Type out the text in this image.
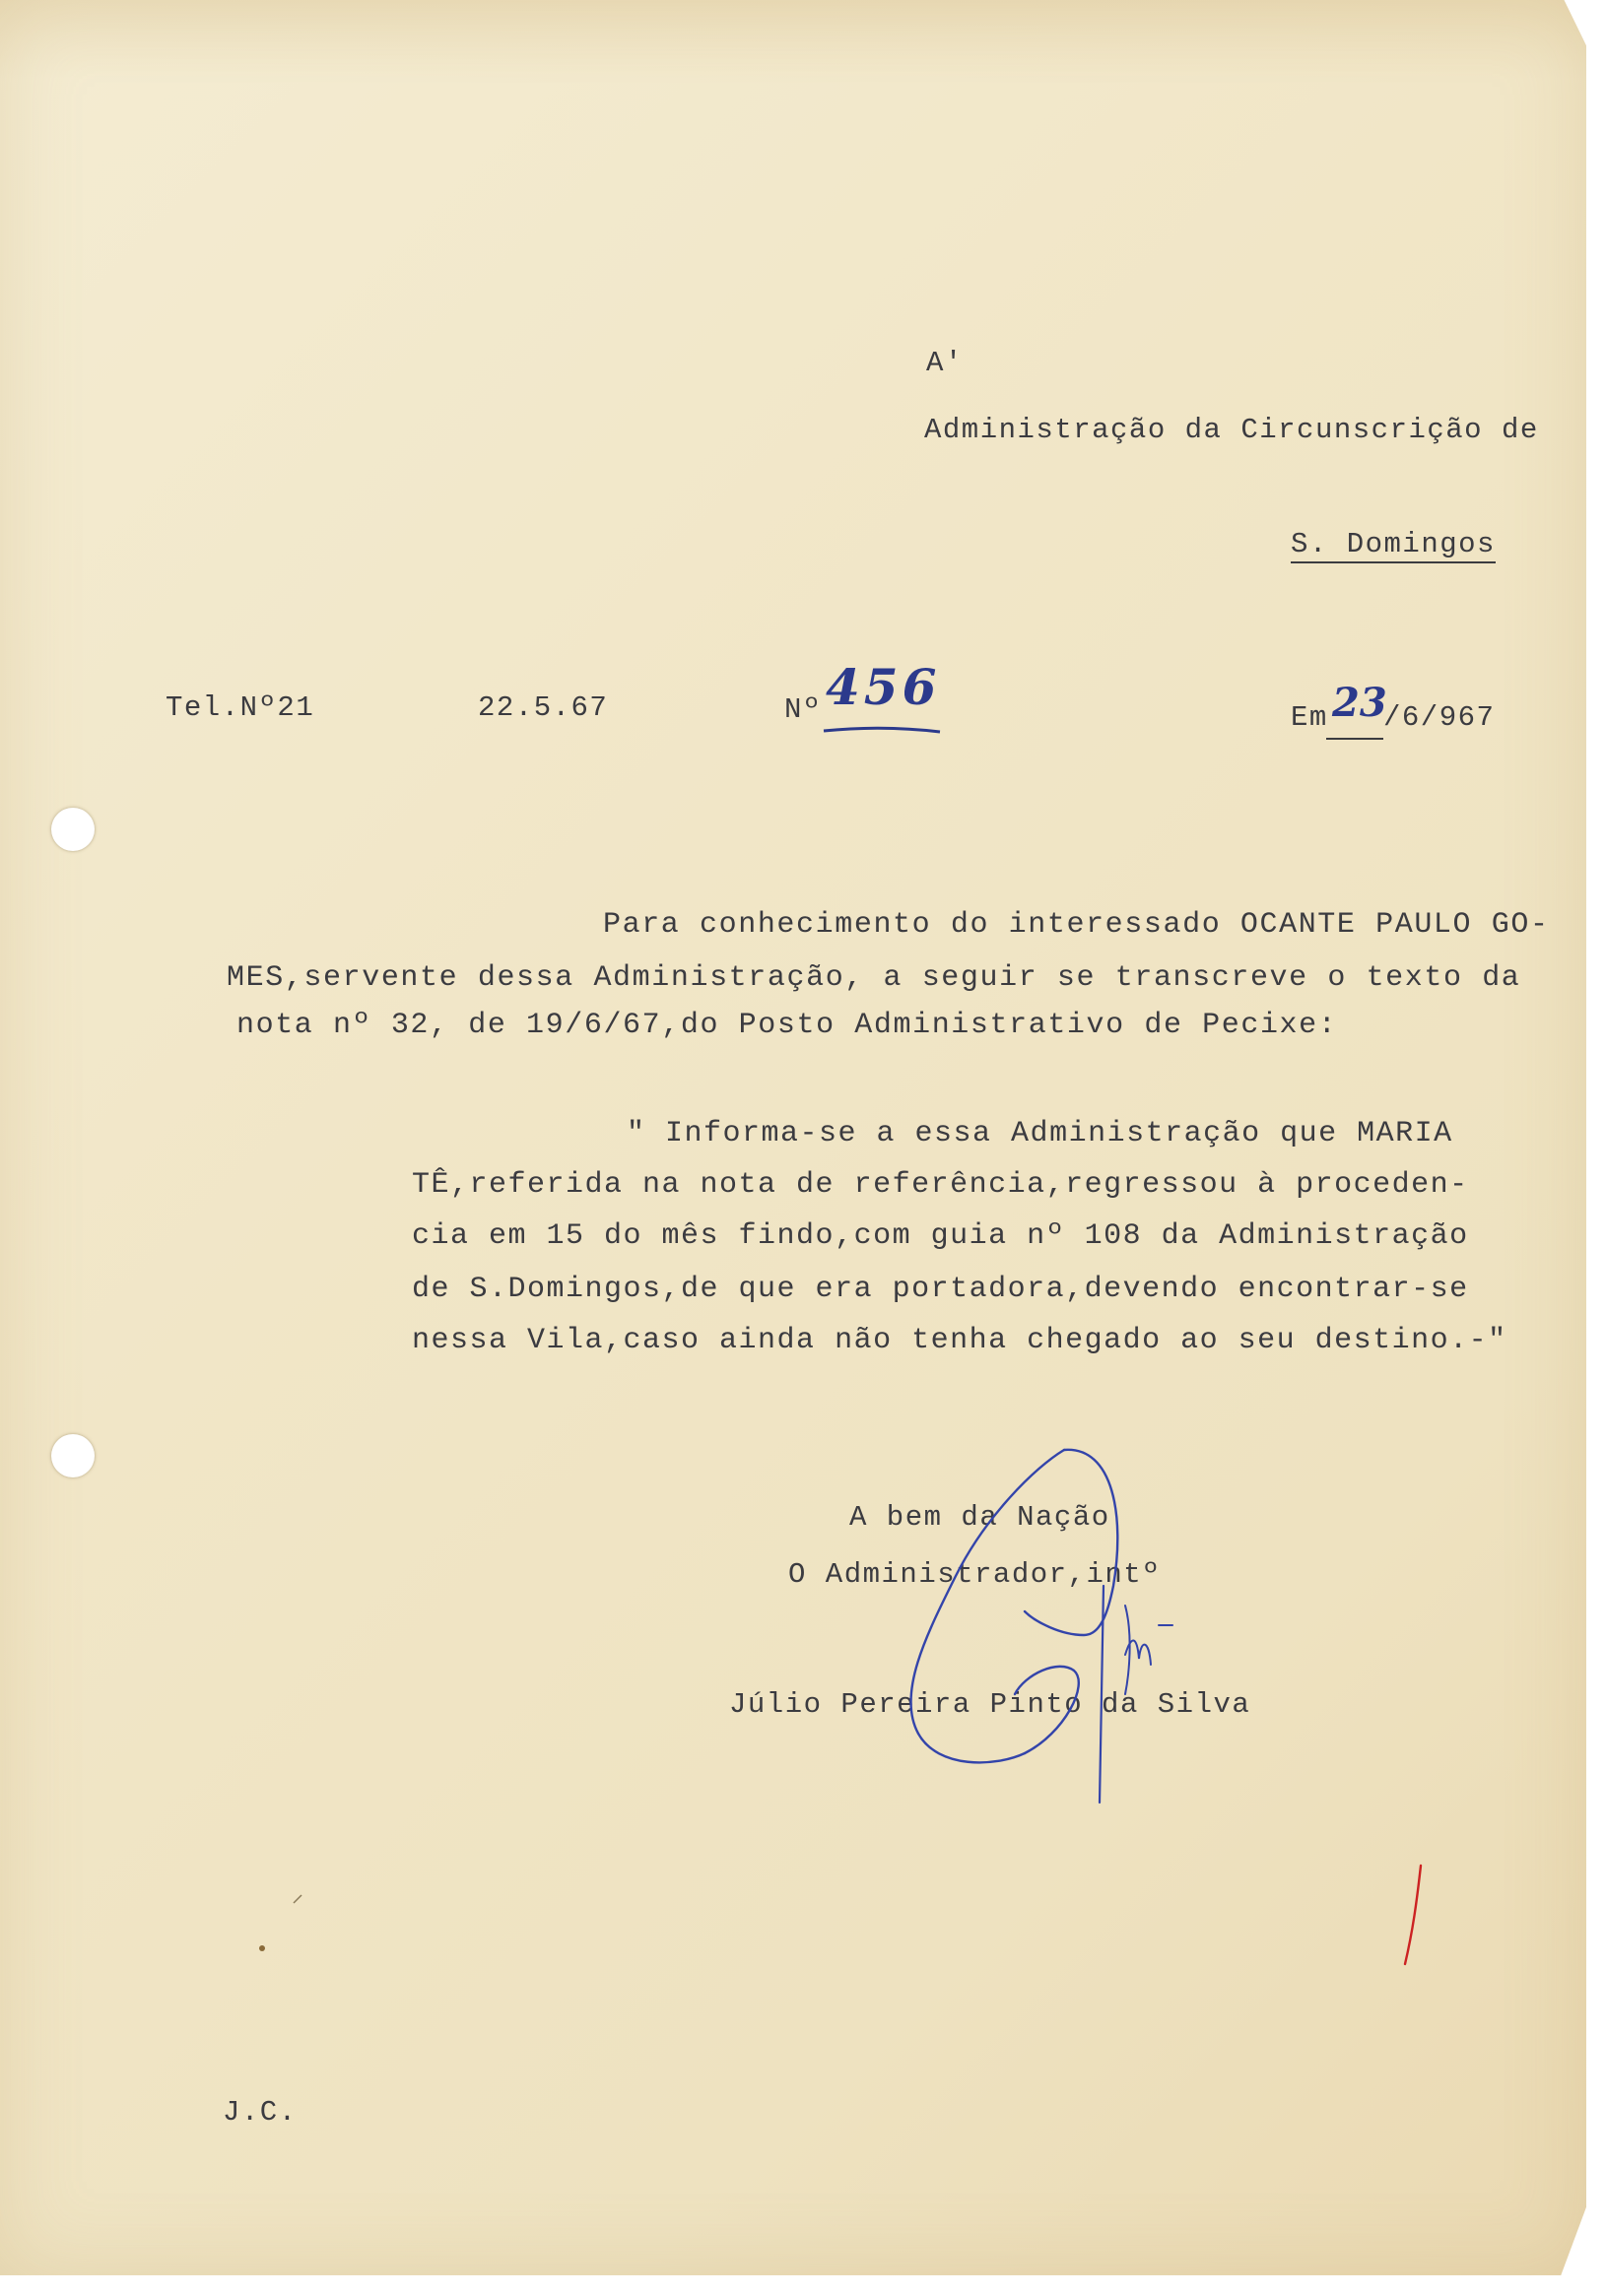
A'
Administração da Circunscrição de
S. Domingos
Tel.Nº21	22.5.67	Nº 456
Em 23
/6/967
Para conhecimento do interessado OCANTE PAULO GO-
MES,servente dessa Administração, a seguir se transcreve o texto da
nota nº 32, de 19/6/67,do Posto Administrativo de Pecixe:
" Informa-se a essa Administração que MARIA
TÊ,referida na nota de referência,regressou à proceden-
cia em 15 do mês findo,com guia nº 108 da Administração
de S.Domingos,de que era portadora,devendo encontrar-se
nessa Vila,caso ainda não tenha chegado ao seu destino.-"
A bem da Nação
O Administrador,intº
Júlio Pereira Pinto da Silva
J.C.
